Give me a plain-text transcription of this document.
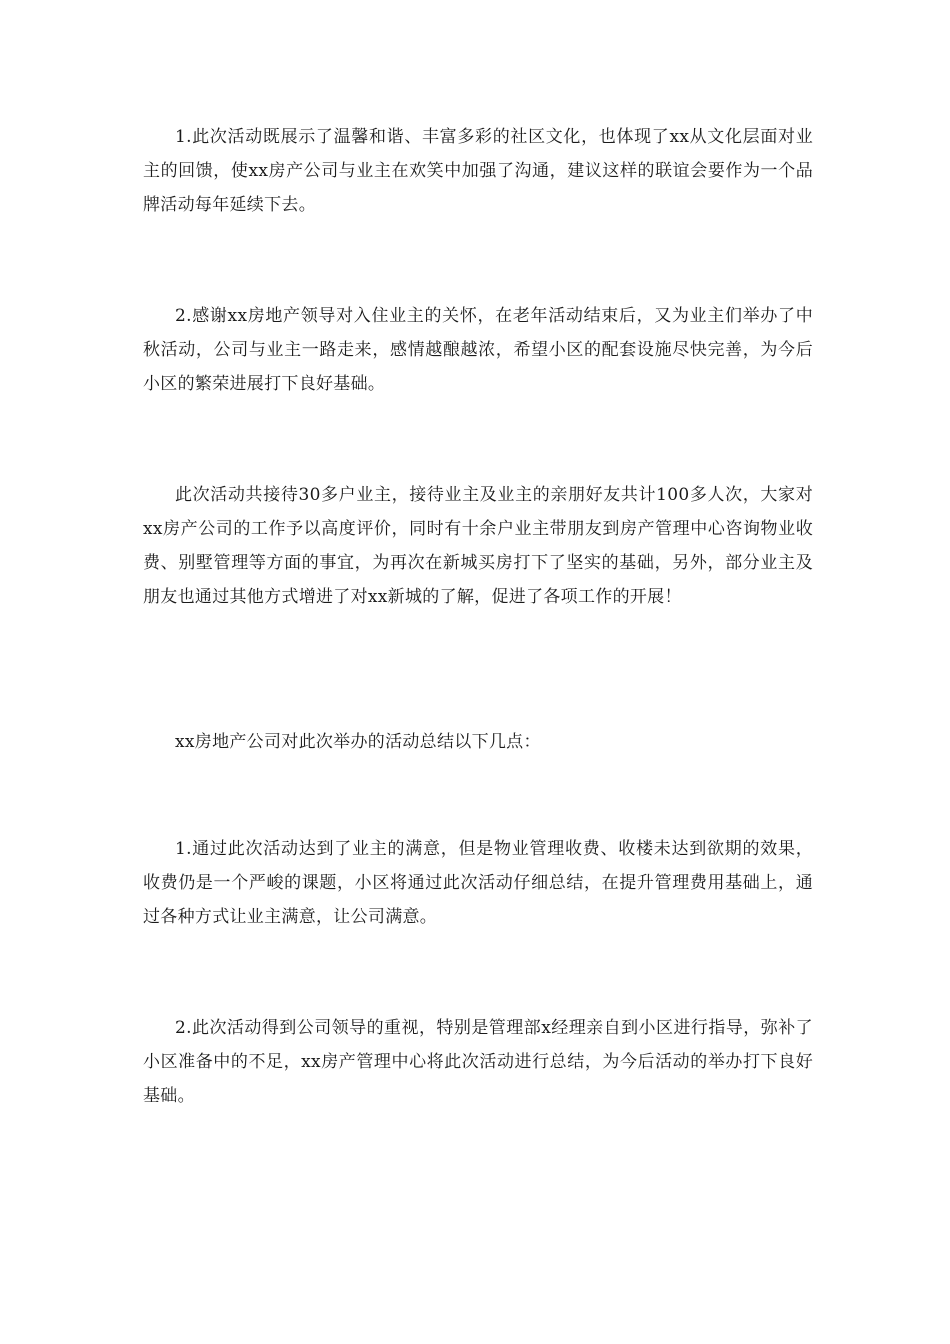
1.此次活动既展示了温馨和谐、丰富多彩的社区文化，也体现了xx从文化层面对业主的回馈，使xx房产公司与业主在欢笑中加强了沟通，建议这样的联谊会要作为一个品牌活动每年延续下去。

2.感谢xx房地产领导对入住业主的关怀，在老年活动结束后，又为业主们举办了中秋活动，公司与业主一路走来，感情越酿越浓，希望小区的配套设施尽快完善，为今后小区的繁荣进展打下良好基础。

此次活动共接待30多户业主，接待业主及业主的亲朋好友共计100多人次，大家对xx房产公司的工作予以高度评价，同时有十余户业主带朋友到房产管理中心咨询物业收费、别墅管理等方面的事宜，为再次在新城买房打下了坚实的基础，另外，部分业主及朋友也通过其他方式增进了对xx新城的了解，促进了各项工作的开展！

xx房地产公司对此次举办的活动总结以下几点：

1.通过此次活动达到了业主的满意，但是物业管理收费、收楼未达到欲期的效果，收费仍是一个严峻的课题，小区将通过此次活动仔细总结，在提升管理费用基础上，通过各种方式让业主满意，让公司满意。

2.此次活动得到公司领导的重视，特别是管理部x经理亲自到小区进行指导，弥补了小区准备中的不足，xx房产管理中心将此次活动进行总结，为今后活动的举办打下良好基础。
